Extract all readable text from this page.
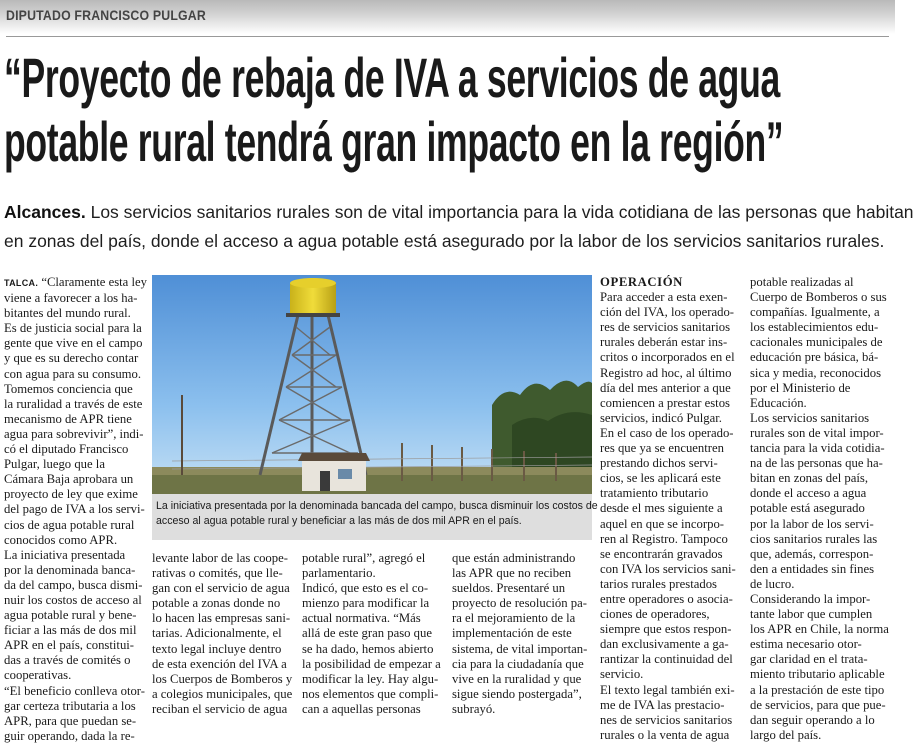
DIPUTADO FRANCISCO PULGAR
“Proyecto de rebaja de IVA a servicios de agua
potable rural tendrá gran impacto en la región”
Alcances. Los servicios sanitarios rurales son de vital importancia para la vida cotidiana de las personas que habitan
en zonas del país, donde el acceso a agua potable está asegurado por la labor de los servicios sanitarios rurales.
TALCA. “Claramente esta ley
viene a favorecer a los ha-
bitantes del mundo rural.
Es de justicia social para la
gente que vive en el campo
y que es su derecho contar
con agua para su consumo.
Tomemos conciencia que
la ruralidad a través de este
mecanismo de APR tiene
agua para sobrevivir”, indi-
có el diputado Francisco
Pulgar, luego que la
Cámara Baja aprobara un
proyecto de ley que exime
del pago de IVA a los servi-
cios de agua potable rural
conocidos como APR.
La iniciativa presentada
por la denominada banca-
da del campo, busca dismi-
nuir los costos de acceso al
agua potable rural y bene-
ficiar a las más de dos mil
APR en el país, constitui-
das a través de comités o
cooperativas.
“El beneficio conlleva otor-
gar certeza tributaria a los
APR, para que puedan se-
guir operando, dada la re-
La iniciativa presentada por la denominada bancada del campo, busca disminuir los costos de
acceso al agua potable rural y beneficiar a las más de dos mil APR en el país.
levante labor de las coope-
rativas o comités, que lle-
gan con el servicio de agua
potable a zonas donde no
lo hacen las empresas sani-
tarias. Adicionalmente, el
texto legal incluye dentro
de esta exención del IVA a
los Cuerpos de Bomberos y
a colegios municipales, que
reciban el servicio de agua
potable rural”, agregó el
parlamentario.
Indicó, que esto es el co-
mienzo para modificar la
actual normativa. “Más
allá de este gran paso que
se ha dado, hemos abierto
la posibilidad de empezar a
modificar la ley. Hay algu-
nos elementos que compli-
can a aquellas personas
que están administrando
las APR que no reciben
sueldos. Presentaré un
proyecto de resolución pa-
ra el mejoramiento de la
implementación de este
sistema, de vital importan-
cia para la ciudadanía que
vive en la ruralidad y que
sigue siendo postergada”,
subrayó.
OPERACIÓN
Para acceder a esta exen-
ción del IVA, los operado-
res de servicios sanitarios
rurales deberán estar ins-
critos o incorporados en el
Registro ad hoc, al último
día del mes anterior a que
comiencen a prestar estos
servicios, indicó Pulgar.
En el caso de los operado-
res que ya se encuentren
prestando dichos servi-
cios, se les aplicará este
tratamiento tributario
desde el mes siguiente a
aquel en que se incorpo-
ren al Registro. Tampoco
se encontrarán gravados
con IVA los servicios sani-
tarios rurales prestados
entre operadores o asocia-
ciones de operadores,
siempre que estos respon-
dan exclusivamente a ga-
rantizar la continuidad del
servicio.
El texto legal también exi-
me de IVA las prestacio-
nes de servicios sanitarios
rurales o la venta de agua
potable realizadas al
Cuerpo de Bomberos o sus
compañías. Igualmente, a
los establecimientos edu-
cacionales municipales de
educación pre básica, bá-
sica y media, reconocidos
por el Ministerio de
Educación.
Los servicios sanitarios
rurales son de vital impor-
tancia para la vida cotidia-
na de las personas que ha-
bitan en zonas del país,
donde el acceso a agua
potable está asegurado
por la labor de los servi-
cios sanitarios rurales las
que, además, correspon-
den a entidades sin fines
de lucro.
Considerando la impor-
tante labor que cumplen
los APR en Chile, la norma
estima necesario otor-
gar claridad en el trata-
miento tributario aplicable
a la prestación de este tipo
de servicios, para que pue-
dan seguir operando a lo
largo del país.
